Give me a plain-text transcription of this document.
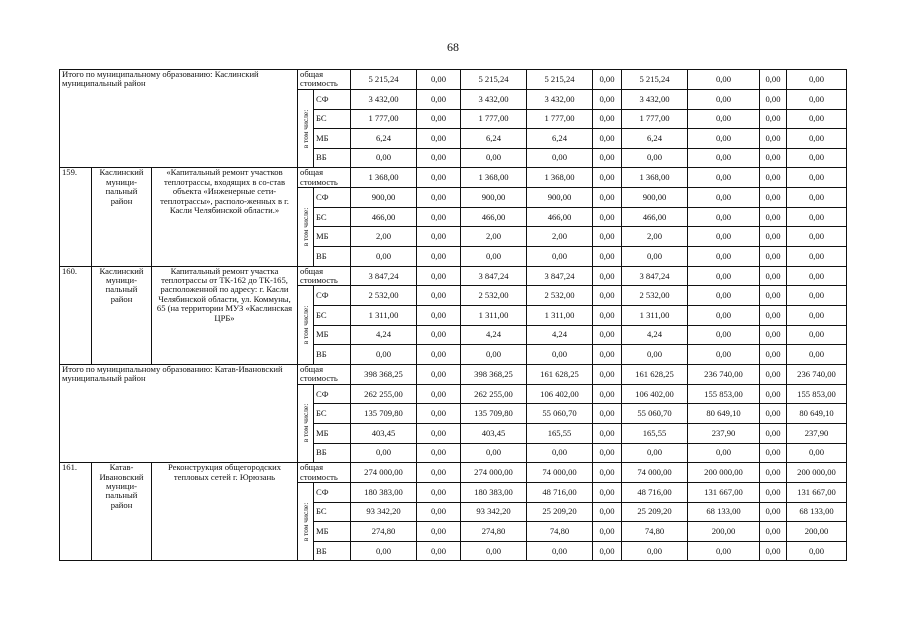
68
Итого по муниципальному образованию: Каслинский муниципальный район			общая стоимость		5 215,24	0,00	5 215,24	5 215,24	0,00	5 215,24	0,00	0,00	0,00

			в том числе:	СФ	3 432,00	0,00	3 432,00	3 432,00	0,00	3 432,00	0,00	0,00	0,00
				БС	1 777,00	0,00	1 777,00	1 777,00	0,00	1 777,00	0,00	0,00	0,00
				МБ	6,24	0,00	6,24	6,24	0,00	6,24	0,00	0,00	0,00
				ВБ	0,00	0,00	0,00	0,00	0,00	0,00	0,00	0,00	0,00
159.	Каслинский муници-пальный район	«Капитальный ремонт участков теплотрассы, входящих в со-став объекта «Инженерные сети-теплотрассы», располо-женных в г. Касли Челябинской области.»	общая стоимость		1 368,00	0,00	1 368,00	1 368,00	0,00	1 368,00	0,00	0,00	0,00

			в том числе:	СФ	900,00	0,00	900,00	900,00	0,00	900,00	0,00	0,00	0,00
				БС	466,00	0,00	466,00	466,00	0,00	466,00	0,00	0,00	0,00
				МБ	2,00	0,00	2,00	2,00	0,00	2,00	0,00	0,00	0,00
				ВБ	0,00	0,00	0,00	0,00	0,00	0,00	0,00	0,00	0,00
160.	Каслинский муници-пальный район	Капитальный ремонт участка теплотрассы от ТК-162 до ТК-165, расположенной по адресу: г. Касли Челябинской области, ул. Коммуны, 65 (на территории МУЗ «Каслинская ЦРБ»	общая стоимость		3 847,24	0,00	3 847,24	3 847,24	0,00	3 847,24	0,00	0,00	0,00

			в том числе:	СФ	2 532,00	0,00	2 532,00	2 532,00	0,00	2 532,00	0,00	0,00	0,00
				БС	1 311,00	0,00	1 311,00	1 311,00	0,00	1 311,00	0,00	0,00	0,00
				МБ	4,24	0,00	4,24	4,24	0,00	4,24	0,00	0,00	0,00
				ВБ	0,00	0,00	0,00	0,00	0,00	0,00	0,00	0,00	0,00
Итого по муниципальному образованию: Катав-Ивановский муниципальный район			общая стоимость		398 368,25	0,00	398 368,25	161 628,25	0,00	161 628,25	236 740,00	0,00	236 740,00

			в том числе:	СФ	262 255,00	0,00	262 255,00	106 402,00	0,00	106 402,00	155 853,00	0,00	155 853,00
				БС	135 709,80	0,00	135 709,80	55 060,70	0,00	55 060,70	80 649,10	0,00	80 649,10
				МБ	403,45	0,00	403,45	165,55	0,00	165,55	237,90	0,00	237,90
				ВБ	0,00	0,00	0,00	0,00	0,00	0,00	0,00	0,00	0,00
161.	Катав-Ивановский муници-пальный район	Реконструкция общегородских тепловых сетей г. Юрюзань	общая стоимость		274 000,00	0,00	274 000,00	74 000,00	0,00	74 000,00	200 000,00	0,00	200 000,00

			в том числе:	СФ	180 383,00	0,00	180 383,00	48 716,00	0,00	48 716,00	131 667,00	0,00	131 667,00
				БС	93 342,20	0,00	93 342,20	25 209,20	0,00	25 209,20	68 133,00	0,00	68 133,00
				МБ	274,80	0,00	274,80	74,80	0,00	74,80	200,00	0,00	200,00
				ВБ	0,00	0,00	0,00	0,00	0,00	0,00	0,00	0,00	0,00
